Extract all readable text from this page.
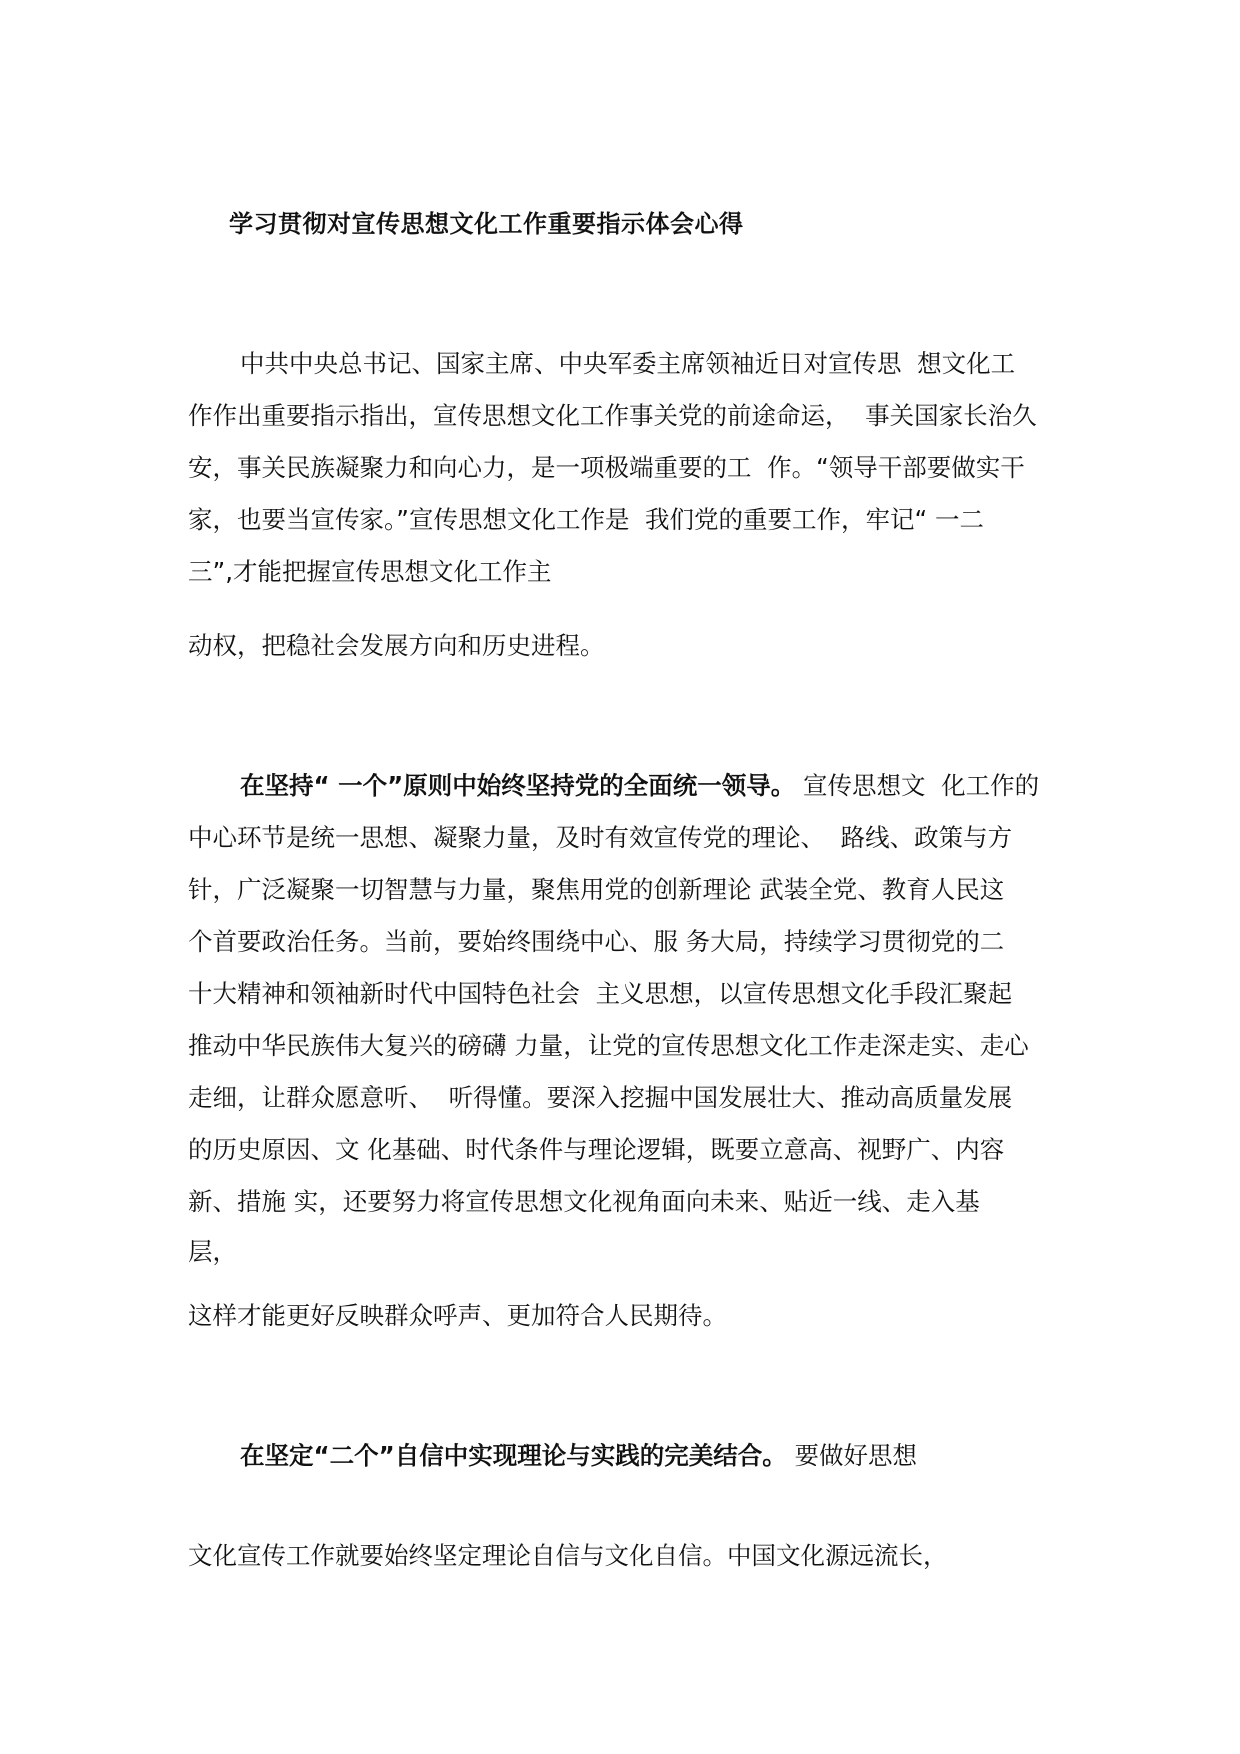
学习贯彻对宣传思想文化工作重要指示体会心得

中共中央总书记、国家主席、中央军委主席领袖近日对宣传思  想文化工

作作出重要指示指出，宣传思想文化工作事关党的前途命运，  事关国家长治久

安，事关民族凝聚力和向心力，是一项极端重要的工  作。“领导干部要做实干

家，也要当宣传家。”宣传思想文化工作是  我们党的重要工作，牢记“ 一二

三”,才能把握宣传思想文化工作主

动权，把稳社会发展方向和历史进程。

在坚持“ 一个”原则中始终坚持党的全面统一领导。 宣传思想文  化工作的

中心环节是统一思想、凝聚力量，及时有效宣传党的理论、  路线、政策与方

针，广泛凝聚一切智慧与力量，聚焦用党的创新理论 武装全党、教育人民这

个首要政治任务。当前，要始终围绕中心、服 务大局，持续学习贯彻党的二

十大精神和领袖新时代中国特色社会  主义思想，以宣传思想文化手段汇聚起

推动中华民族伟大复兴的磅礴 力量，让党的宣传思想文化工作走深走实、走心

走细，让群众愿意听、  听得懂。要深入挖掘中国发展壮大、推动高质量发展

的历史原因、文 化基础、时代条件与理论逻辑，既要立意高、视野广、内容

新、措施 实，还要努力将宣传思想文化视角面向未来、贴近一线、走入基

层，

这样才能更好反映群众呼声、更加符合人民期待。

在坚定“二个”自信中实现理论与实践的完美结合。 要做好思想

文化宣传工作就要始终坚定理论自信与文化自信。中国文化源远流长，
